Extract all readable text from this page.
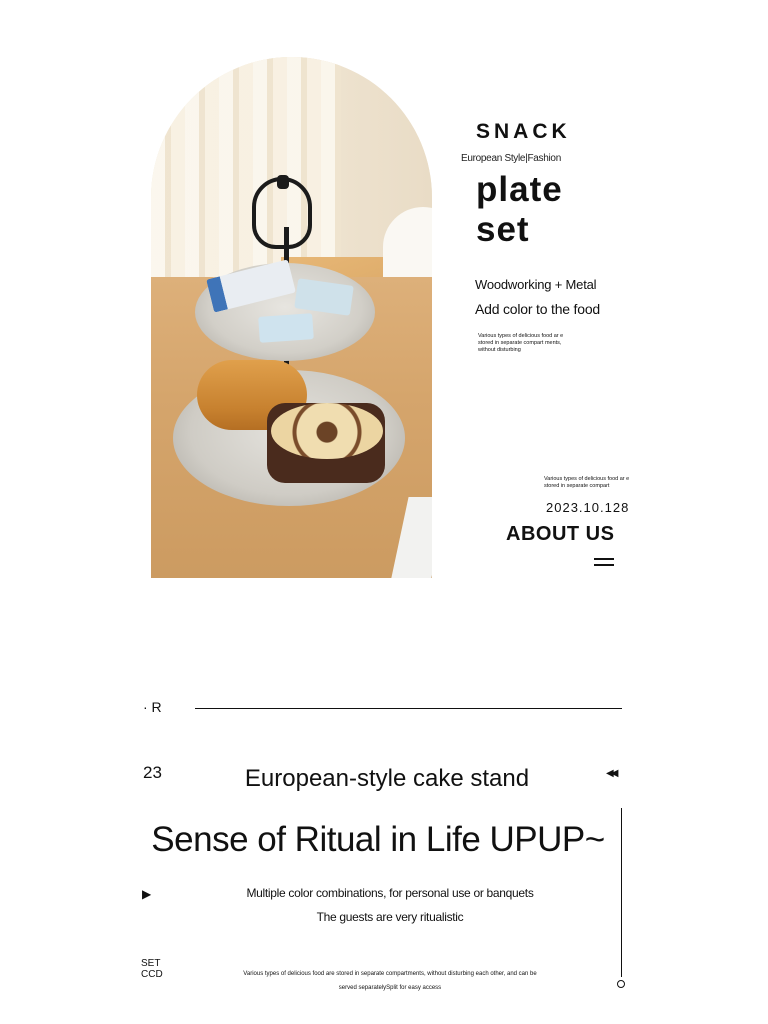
SNACK
European Style|Fashion
plate
set
Woodworking + Metal
Add color to the food
Various types of delicious food ar e stored in separate compart ments, without disturbing
Various types of delicious food ar e stored in separate compart
2023.10.128
ABOUT US
· R
23	◀◀
European-style cake stand
Sense of Ritual in Life UPUP~
▶	Multiple color combinations, for personal use or banquets
The guests are very ritualistic
Various types of delicious food are stored in separate compartments, without disturbing each other, and can be
served separatelySplit for easy access
SET
CCD
